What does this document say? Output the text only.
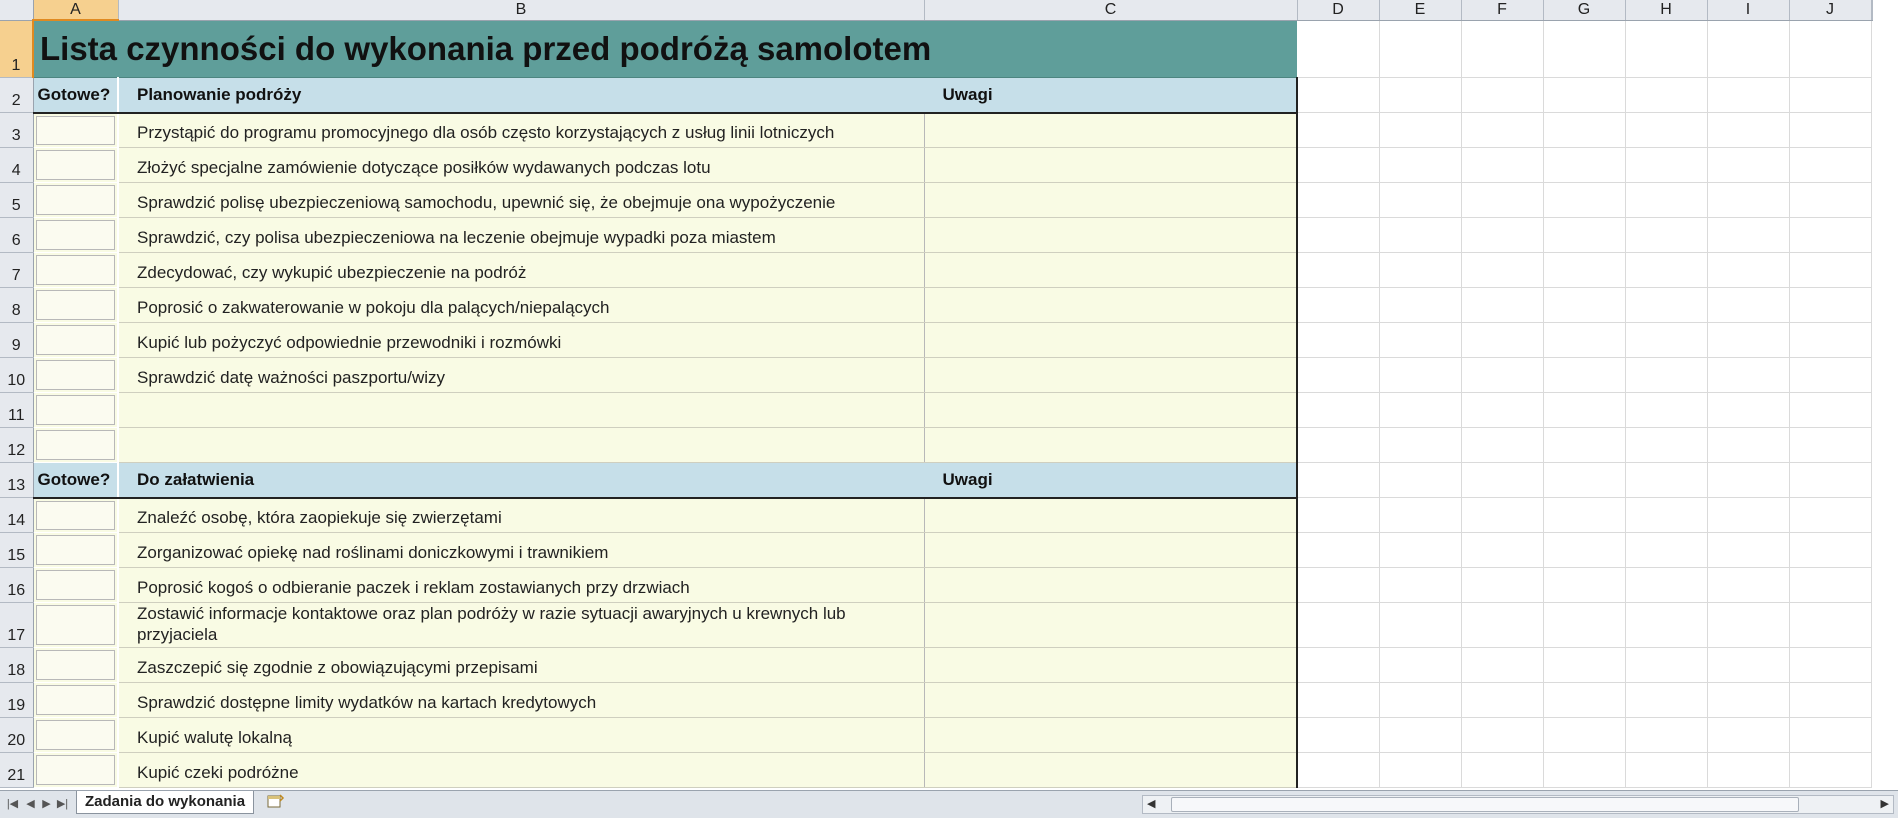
	A	B	C	D	E	F	G	H	I	J	
1	Lista czynności do wykonania przed podróżą samolotem										

2	Gotowe?	Planowanie podróży	Uwagi								
3		Przystąpić do programu promocyjnego dla osób często korzystających z usług linii lotniczych									
4		Złożyć specjalne zamówienie dotyczące posiłków wydawanych podczas lotu									
5		Sprawdzić polisę ubezpieczeniową samochodu, upewnić się, że obejmuje ona wypożyczenie									
6		Sprawdzić, czy polisa ubezpieczeniowa na leczenie obejmuje wypadki poza miastem									
7		Zdecydować, czy wykupić ubezpieczenie na podróż									
8		Poprosić o zakwaterowanie w pokoju dla palących/niepalących									
9		Kupić lub pożyczyć odpowiednie przewodniki i rozmówki									
10		Sprawdzić datę ważności paszportu/wizy									
11		

12		

13	Gotowe?	Do załatwienia	Uwagi								
14		Znaleźć osobę, która zaopiekuje się zwierzętami									
15		Zorganizować opiekę nad roślinami doniczkowymi i trawnikiem									
16		Poprosić kogoś o odbieranie paczek i reklam zostawianych przy drzwiach									
17		Zostawić informacje kontaktowe oraz plan podróży w razie sytuacji awaryjnych u krewnych lub przyjaciela									
18		Zaszczepić się zgodnie z obowiązującymi przepisami									
19		Sprawdzić dostępne limity wydatków na kartach kredytowych									
20		Kupić walutę lokalną									
21		Kupić czeki podróżne									
|◀ ◀ ▶ ▶|	Zadania do wykonania	◀	▶
